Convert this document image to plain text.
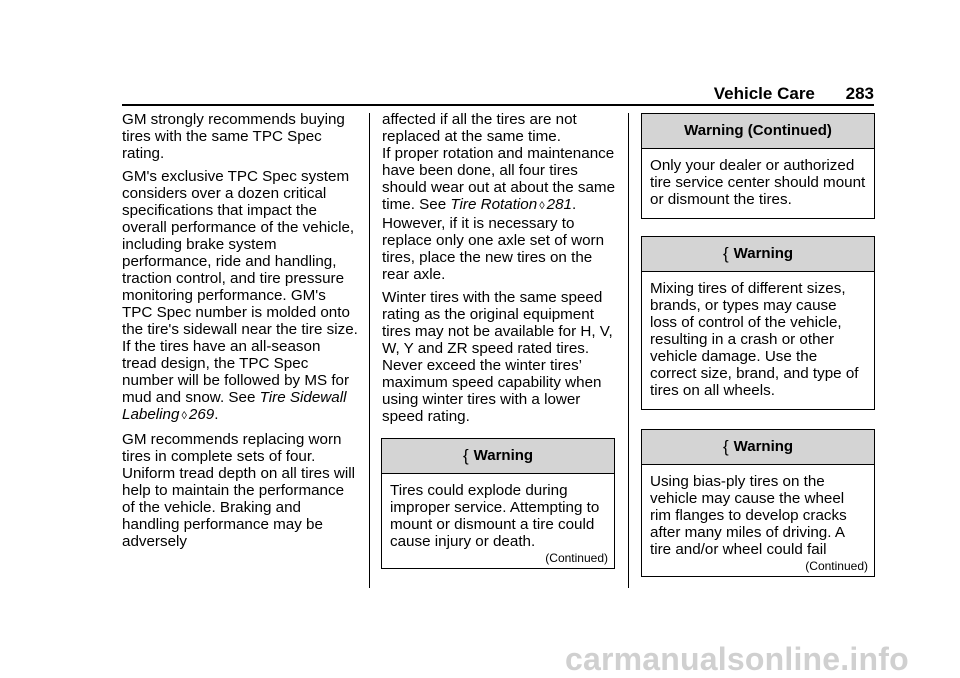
Vehicle Care 283

GM strongly recommends buying tires with the same TPC Spec rating.

GM's exclusive TPC Spec system considers over a dozen critical specifications that impact the overall performance of the vehicle, including brake system performance, ride and handling, traction control, and tire pressure monitoring performance. GM's TPC Spec number is molded onto the tire's sidewall near the tire size. If the tires have an all-season tread design, the TPC Spec number will be followed by MS for mud and snow. See Tire Sidewall Labeling ◊ 269.

GM recommends replacing worn tires in complete sets of four. Uniform tread depth on all tires will help to maintain the performance of the vehicle. Braking and handling performance may be adversely

affected if all the tires are not replaced at the same time.

If proper rotation and maintenance have been done, all four tires should wear out at about the same time. See Tire Rotation ◊ 281. However, if it is necessary to replace only one axle set of worn tires, place the new tires on the rear axle.

Winter tires with the same speed rating as the original equipment tires may not be available for H, V, W, Y and ZR speed rated tires. Never exceed the winter tires’ maximum speed capability when using winter tires with a lower speed rating.

{ Warning
Tires could explode during improper service. Attempting to mount or dismount a tire could cause injury or death.
(Continued)
Warning (Continued)
Only your dealer or authorized tire service center should mount or dismount the tires.
{ Warning
Mixing tires of different sizes, brands, or types may cause loss of control of the vehicle, resulting in a crash or other vehicle damage. Use the correct size, brand, and type of tires on all wheels.
{ Warning
Using bias-ply tires on the vehicle may cause the wheel rim flanges to develop cracks after many miles of driving. A tire and/or wheel could fail
(Continued)
carmanualsonline.info
